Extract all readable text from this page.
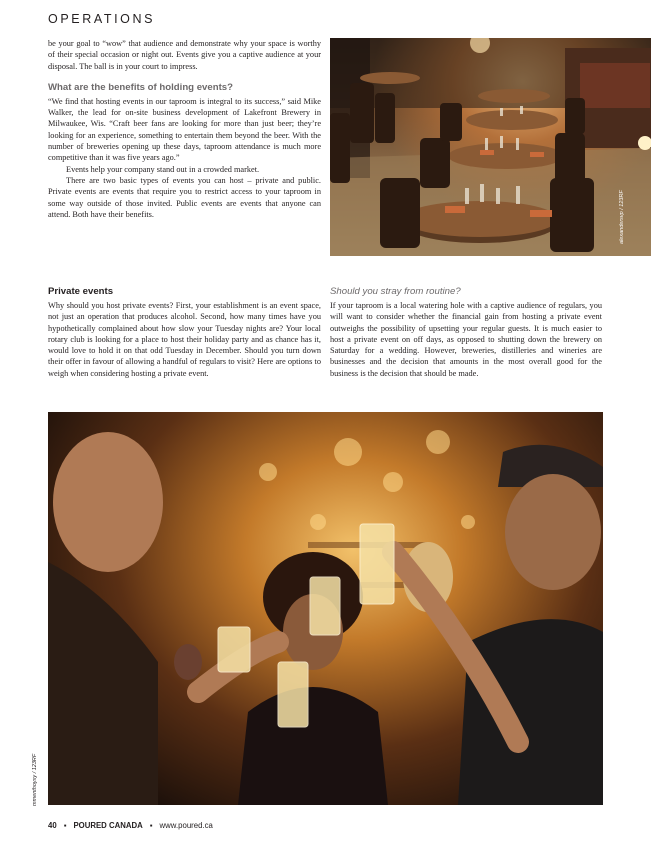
OPERATIONS
alexandersvp / 123RF

be your goal to “wow” that audience and demonstrate why your space is worthy of their special occasion or night out. Events give you a captive audience at your disposal. The ball is in your court to impress.

What are the benefits of holding events?

“We find that hosting events in our taproom is integral to its success,” said Mike Walker, the lead for on-site business development of Lakefront Brewery in Milwaukee, Wis. “Craft beer fans are looking for more than just beer; they’re looking for an experience, something to entertain them beyond the beer. With the number of breweries opening up these days, taproom attendance is much more competitive than it was five years ago.”

Events help your company stand out in a crowded market.

There are two basic types of events you can host – private and public. Private events are events that require you to restrict access to your taproom in some way outside of those invited. Public events are events that anyone can attend. Both have their benefits.

Private events

Why should you host private events? First, your establishment is an event space, not just an operation that produces alcohol. Second, how many times have you hypothetically complained about how slow your Tuesday nights are? Your local rotary club is looking for a place to host their holiday party and as chance has it, would love to hold it on that odd Tuesday in December. Should you turn down their offer in favour of allowing a handful of regulars to visit? Here are options to weigh when considering hosting a private event.

Should you stray from routine?

If your taproom is a local watering hole with a captive audience of regulars, you will want to consider whether the financial gain from hosting a private event outweighs the possibility of upsetting your regular guests. It is much easier to host a private event on off days, as opposed to shutting down the brewery on Saturday for a wedding. However, breweries, distilleries and wineries are businesses and the decision that amounts in the most overall good for the business is the decision that should be made.

mmenthoyxy / 123RF
40 ▪ POURED CANADA ▪ www.poured.ca
